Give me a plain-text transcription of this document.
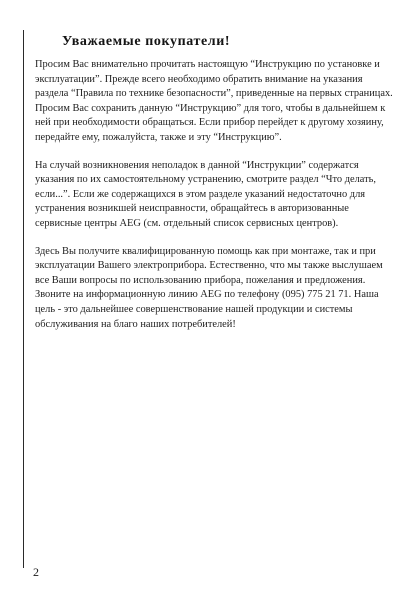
Уважаемые покупатели!

Просим Вас внимательно прочитать настоящую “Инструкцию по установке и эксплуатации”. Прежде всего необходимо обратить внимание на указания раздела “Правила по технике безопасности”, приведенные на первых страницах. Просим Вас сохранить данную “Инструкцию” для того, чтобы в дальнейшем к ней при необходимости обращаться. Если прибор перейдет к другому хозяину, передайте ему, пожалуйста, также и эту “Инструкцию”.

На случай возникновения неполадок в данной “Инструкции” содержатся указания по их самостоятельному устранению, смотрите раздел “Что делать, если...”. Если же содержащихся в этом разделе указаний недостаточно для устранения возникшей неисправности, обращайтесь в авторизованные сервисные центры AEG (см. отдельный список сервисных центров).

Здесь Вы получите квалифицированную помощь как при монтаже, так и при эксплуатации Вашего электроприбора. Естественно, что мы также выслушаем все Ваши вопросы по использованию прибора, пожелания и предложения. Звоните на информационную линию AEG по телефону (095) 775 21 71. Наша цель - это дальнейшее совершенствование нашей продукции и системы обслуживания на благо наших потребителей!

2
